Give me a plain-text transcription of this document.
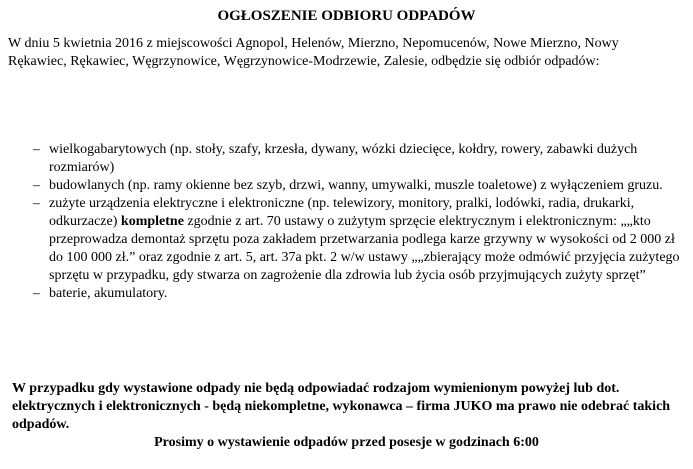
OGŁOSZENIE ODBIORU ODPADÓW

W dniu 5 kwietnia 2016 z miejscowości Agnopol, Helenów, Mierzno, Nepomucenów, Nowe Mierzno, Nowy Rękawiec, Rękawiec, Węgrzynowice, Węgrzynowice-Modrzewie, Zalesie, odbędzie się odbiór odpadów:

– wielkogabarytowych (np. stoły, szafy, krzesła, dywany, wózki dziecięce, kołdry, rowery, zabawki dużych rozmiarów)
– budowlanych (np. ramy okienne bez szyb, drzwi, wanny, umywalki, muszle toaletowe) z wyłączeniem gruzu.
– zużyte urządzenia elektryczne i elektroniczne (np. telewizory, monitory, pralki, lodówki, radia, drukarki, odkurzacze) kompletne zgodnie z art. 70 ustawy o zużytym sprzęcie elektrycznym i elektronicznym: „„kto przeprowadza demontaż sprzętu poza zakładem przetwarzania podlega karze grzywny w wysokości od 2 000 zł do 100 000 zł.” oraz zgodnie z art. 5, art. 37a pkt. 2 w/w ustawy „„zbierający może odmówić przyjęcia zużytego sprzętu w przypadku, gdy stwarza on zagrożenie dla zdrowia lub życia osób przyjmujących zużyty sprzęt”
– baterie, akumulatory.

W przypadku gdy wystawione odpady nie będą odpowiadać rodzajom wymienionym powyżej lub dot. elektrycznych i elektronicznych - będą niekompletne, wykonawca – firma JUKO ma prawo nie odebrać takich odpadów.

Prosimy o wystawienie odpadów przed posesje w godzinach 6:00
